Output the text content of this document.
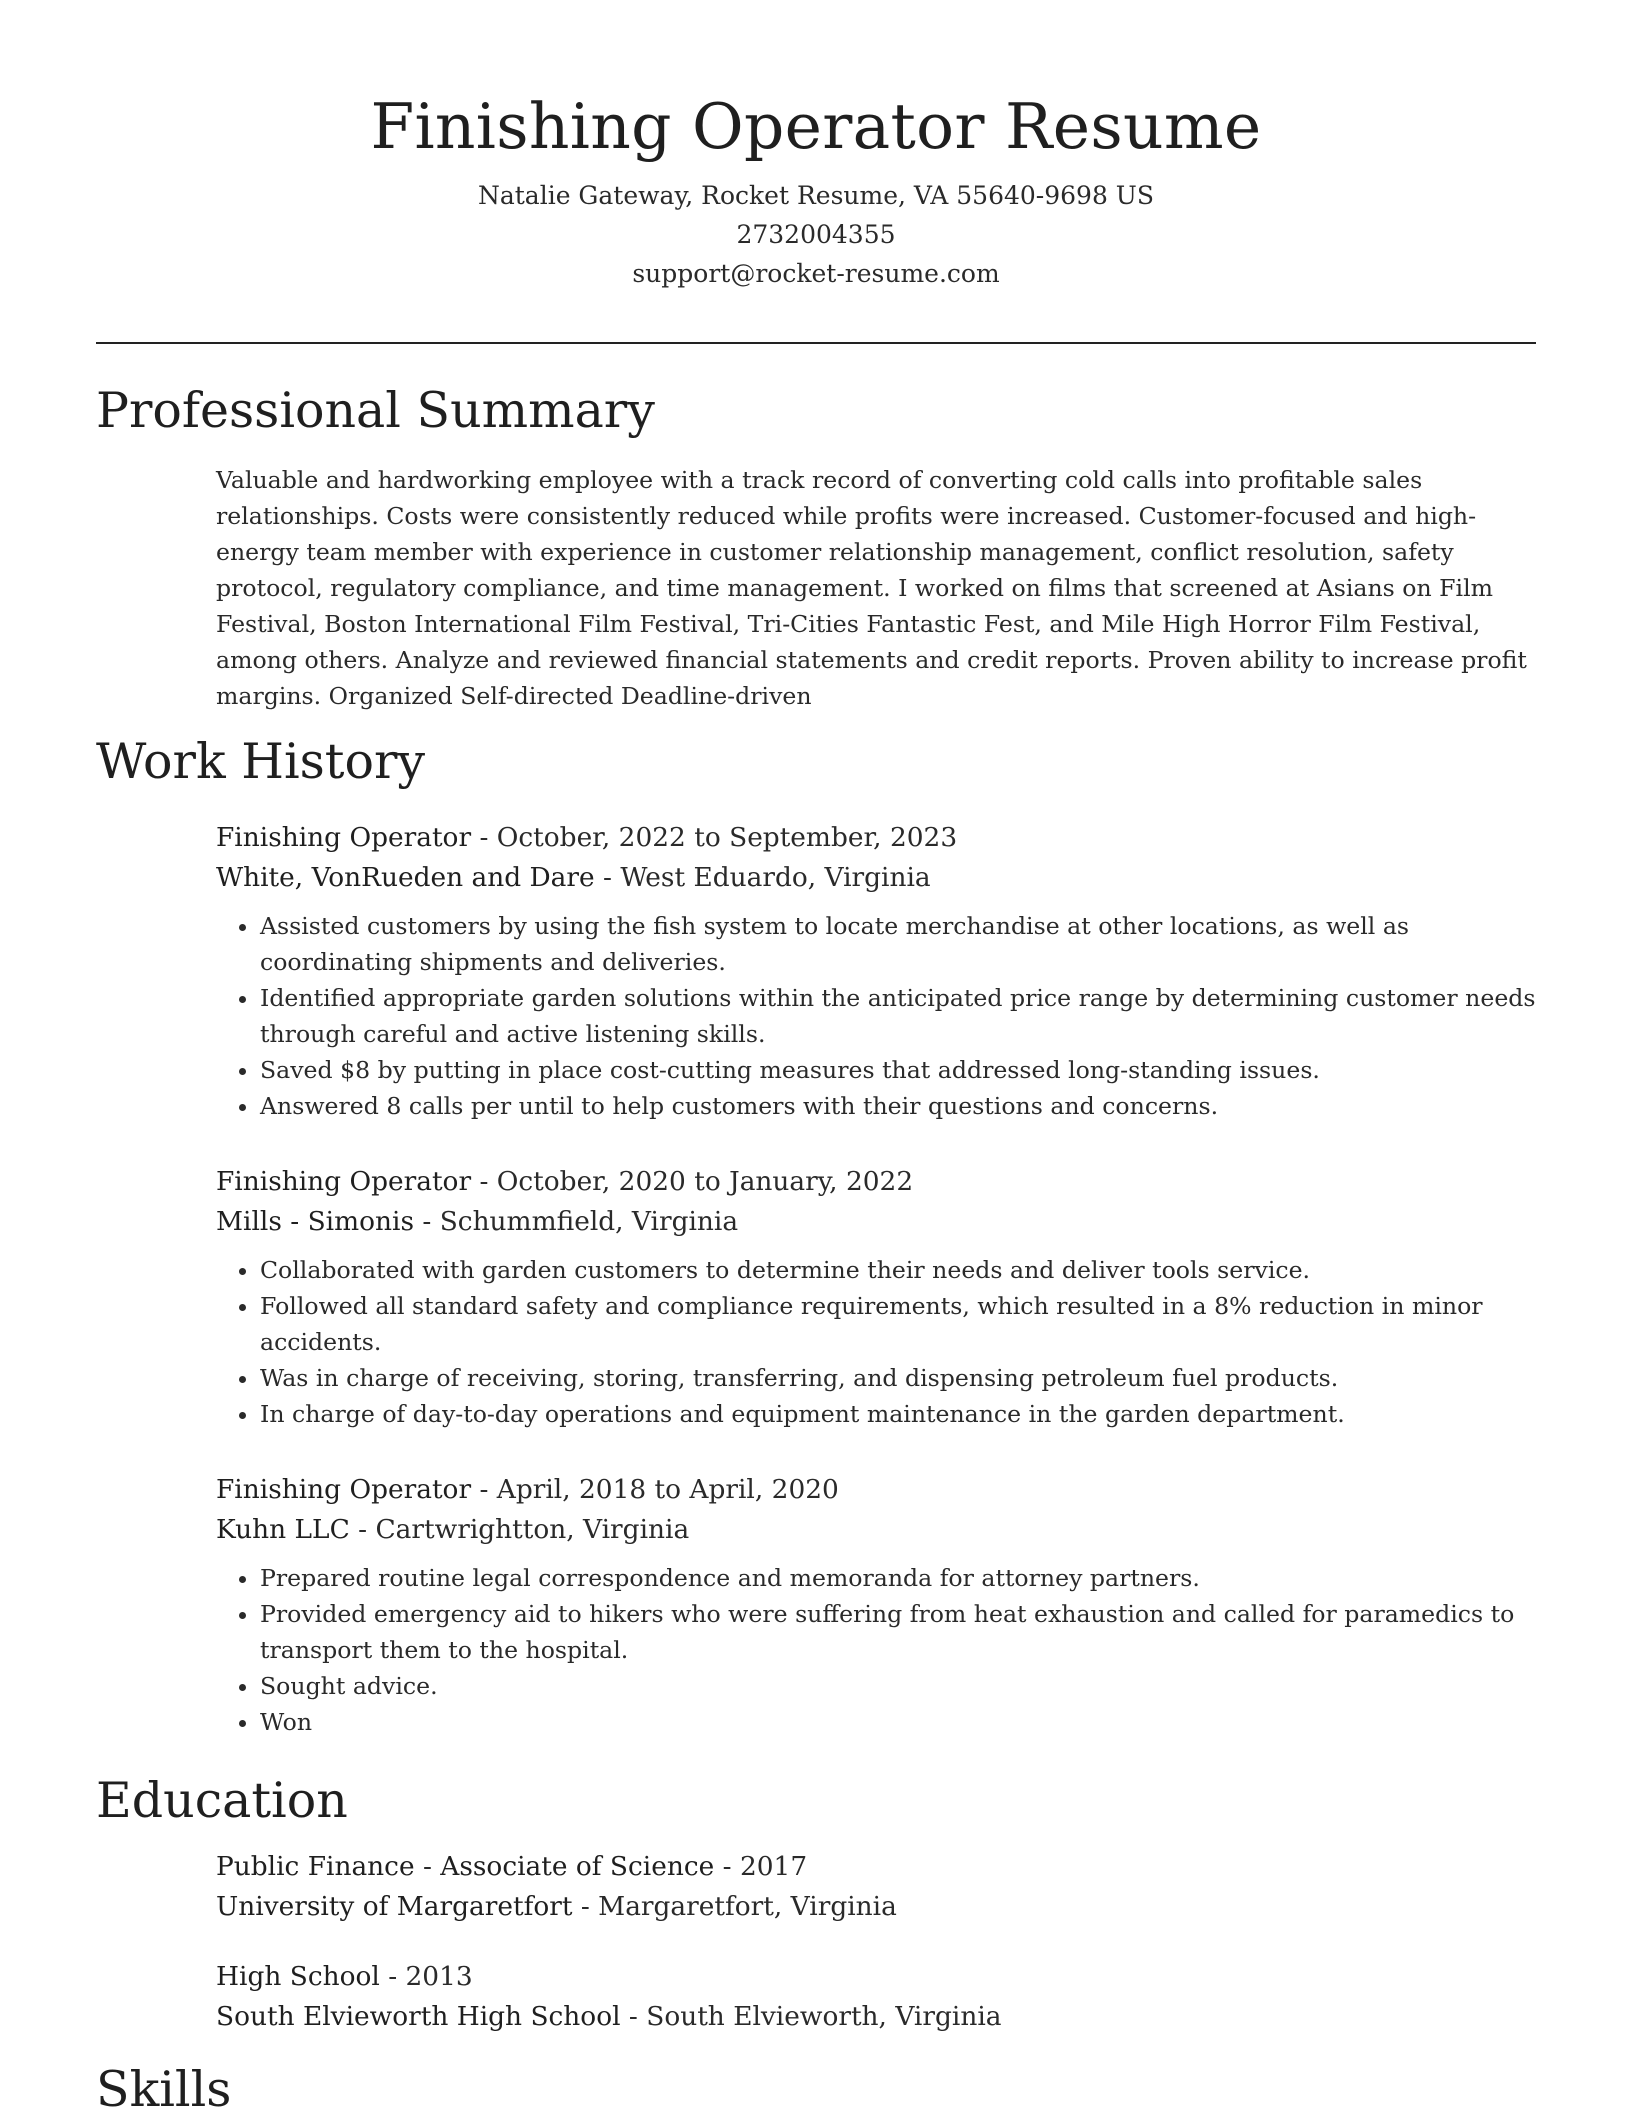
Finishing Operator Resume
Natalie Gateway, Rocket Resume, VA 55640-9698 US
2732004355
support@rocket-resume.com
Professional Summary

Valuable and hardworking employee with a track record of converting cold calls into profitable sales relationships. Costs were consistently reduced while profits were increased. Customer-focused and high-energy team member with experience in customer relationship management, conflict resolution, safety protocol, regulatory compliance, and time management. I worked on films that screened at Asians on Film Festival, Boston International Film Festival, Tri-Cities Fantastic Fest, and Mile High Horror Film Festival, among others. Analyze and reviewed financial statements and credit reports. Proven ability to increase profit margins. Organized Self-directed Deadline-driven

Work History
Finishing Operator - October, 2022 to September, 2023
White, VonRueden and Dare - West Eduardo, Virginia
• Assisted customers by using the fish system to locate merchandise at other locations, as well as coordinating shipments and deliveries.
• Identified appropriate garden solutions within the anticipated price range by determining customer needs through careful and active listening skills.
• Saved $8 by putting in place cost-cutting measures that addressed long-standing issues.
• Answered 8 calls per until to help customers with their questions and concerns.
Finishing Operator - October, 2020 to January, 2022
Mills - Simonis - Schummfield, Virginia
• Collaborated with garden customers to determine their needs and deliver tools service.
• Followed all standard safety and compliance requirements, which resulted in a 8% reduction in minor accidents.
• Was in charge of receiving, storing, transferring, and dispensing petroleum fuel products.
• In charge of day-to-day operations and equipment maintenance in the garden department.
Finishing Operator - April, 2018 to April, 2020
Kuhn LLC - Cartwrightton, Virginia
• Prepared routine legal correspondence and memoranda for attorney partners.
• Provided emergency aid to hikers who were suffering from heat exhaustion and called for paramedics to transport them to the hospital.
• Sought advice.
• Won
Education
Public Finance - Associate of Science - 2017
University of Margaretfort - Margaretfort, Virginia
High School - 2013
South Elvieworth High School - South Elvieworth, Virginia
Skills
